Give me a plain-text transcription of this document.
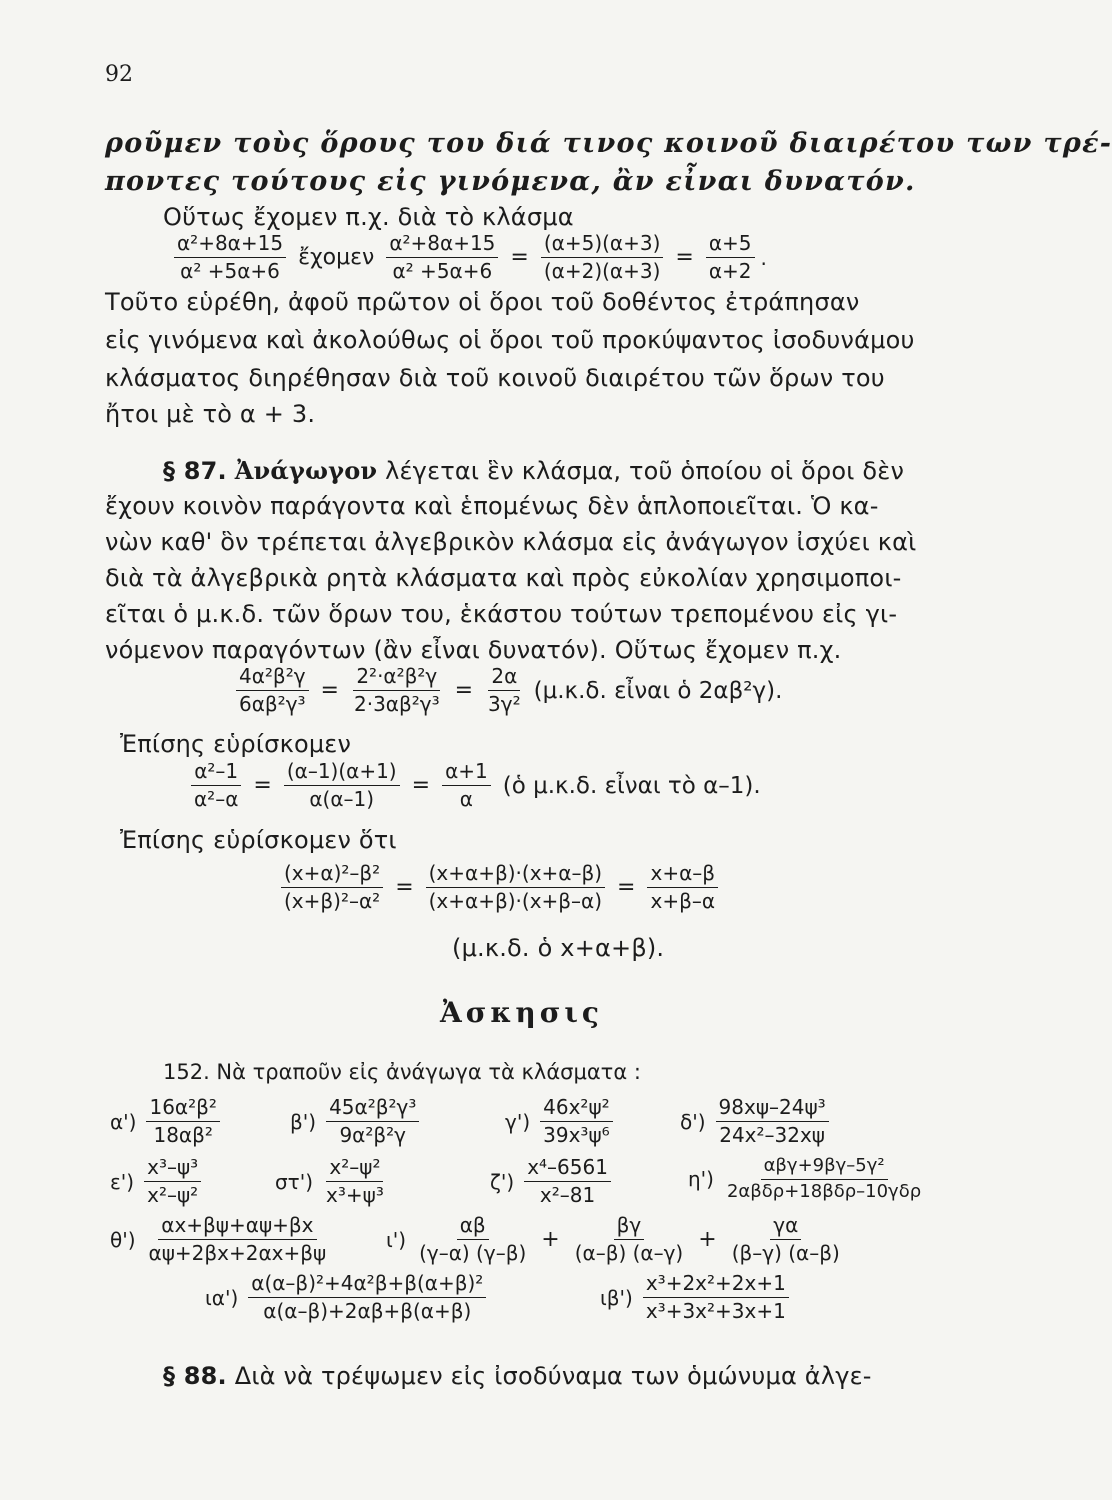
92
ροῦμεν τοὺς ὅρους του διά τινος κοινοῦ διαιρέτου των τρέ-
ποντες τούτους εἰς γινόμενα, ἂν εἶναι δυνατόν.
Οὕτως ἔχομεν π.χ. διὰ τὸ κλάσμα
$\frac{\text{α²+8α+15}}{\text{α² +5α+6}}$ ἔχομεν $\frac{\text{α²+8α+15}}{\text{α² +5α+6}} = \frac{(\alpha+5)(\alpha+3)}{(\alpha+2)(\alpha+3)} = \frac{\alpha+5}{\alpha+2}$ .
Τοῦτο εὑρέθη, ἀφοῦ πρῶτον οἱ ὅροι τοῦ δοθέντος ἐτράπησαν
εἰς γινόμενα καὶ ἀκολούθως οἱ ὅροι τοῦ προκύψαντος ἰσοδυνάμου
κλάσματος διηρέθησαν διὰ τοῦ κοινοῦ διαιρέτου τῶν ὅρων του
ἤτοι μὲ τὸ α + 3.
§ 87. Ἀνάγωγον λέγεται ἓν κλάσμα, τοῦ ὁποίου οἱ ὅροι δὲν
ἔχουν κοινὸν παράγοντα καὶ ἑπομένως δὲν ἁπλοποιεῖται. Ὁ κα-
νὼν καθ' ὃν τρέπεται ἀλγεβρικὸν κλάσμα εἰς ἀνάγωγον ἰσχύει καὶ
διὰ τὰ ἀλγεβρικὰ ρητὰ κλάσματα καὶ πρὸς εὐκολίαν χρησιμοποι-
εῖται ὁ μ.κ.δ. τῶν ὅρων του, ἑκάστου τούτων τρεπομένου εἰς γι-
νόμενον παραγόντων (ἂν εἶναι δυνατόν). Οὕτως ἔχομεν π.χ.
$\frac{\text{4α²β²γ}}{\text{6αβ²γ³}} = \frac{\text{2²·α²β²γ}}{\text{2·3αβ²γ³}} = \frac{2\alpha}{\text{3γ²}} (\mu.\kappa.\delta$. εἶναι ὁ 2αβ²γ).
Ἐπίσης εὑρίσκομεν
$\frac{\text{α²–1}}{\text{α²–α}} = \frac{(\alpha-1)(\alpha+1)}{\alpha(\alpha-1)} = \frac{\alpha+1}{\alpha}$ (ὁ μ.κ.δ. εἶναι τὸ α–1).
Ἐπίσης εὑρίσκομεν ὅτι
$\frac{\text{(x+α)²–β²}}{\text{(x+β)²–α²}} = \frac{(x+\alpha+\beta)\cdot(x+\alpha-\beta)}{(x+\alpha+\beta)\cdot(x+\beta-\alpha)} = \frac{x+\alpha-\beta}{x+\beta-\alpha}$
(μ.κ.δ. ὁ x+α+β).
Ἀσκησις
152. Νὰ τραποῦν εἰς ἀνάγωγα τὰ κλάσματα :
$\alpha') \frac{\text{16α²β²}}{\text{18αβ²}}$	$\beta') \frac{\text{45α²β²γ³}}{\text{9α²β²γ}}$	$\gamma') \frac{\text{46x²ψ²}}{\text{39x³ψ⁶}}$	$\delta') \frac{\text{98xψ–24ψ³}}{\text{24x²–32xψ}}$
$\varepsilon') \frac{\text{x³–ψ³}}{\text{x²–ψ²}}$	$\sigma\tau') \frac{\text{x²–ψ²}}{\text{x³+ψ³}}$	$\zeta') \frac{\text{x⁴–6561}}{\text{x²–81}}$	$\eta') \frac{\text{αβγ+9βγ–5γ²}}{\text{2αβδρ+18βδρ–10γδρ}}$
$\theta') \frac{\alpha x+\beta\psi+\alpha\psi+\beta x}{\alpha\psi+2\beta x+2\alpha x+\beta\psi}$	$\iota') \frac{\alpha\beta}{(\gamma-\alpha) (\gamma-\beta)} + \frac{\beta\gamma}{(\alpha-\beta) (\alpha-\gamma)} + \frac{\gamma\alpha}{(\beta-\gamma) (\alpha-\beta)}$
$\iota\alpha') \frac{\text{α(α–β)²+4α²β+β(α+β)²}}{\alpha(\alpha-\beta)+2\alpha\beta+\beta(\alpha+\beta)}$	$\iota\beta') \frac{\text{x³+2x²+2x+1}}{\text{x³+3x²+3x+1}}$
§ 88. Διὰ νὰ τρέψωμεν εἰς ἰσοδύναμα των ὁμώνυμα ἀλγε-
